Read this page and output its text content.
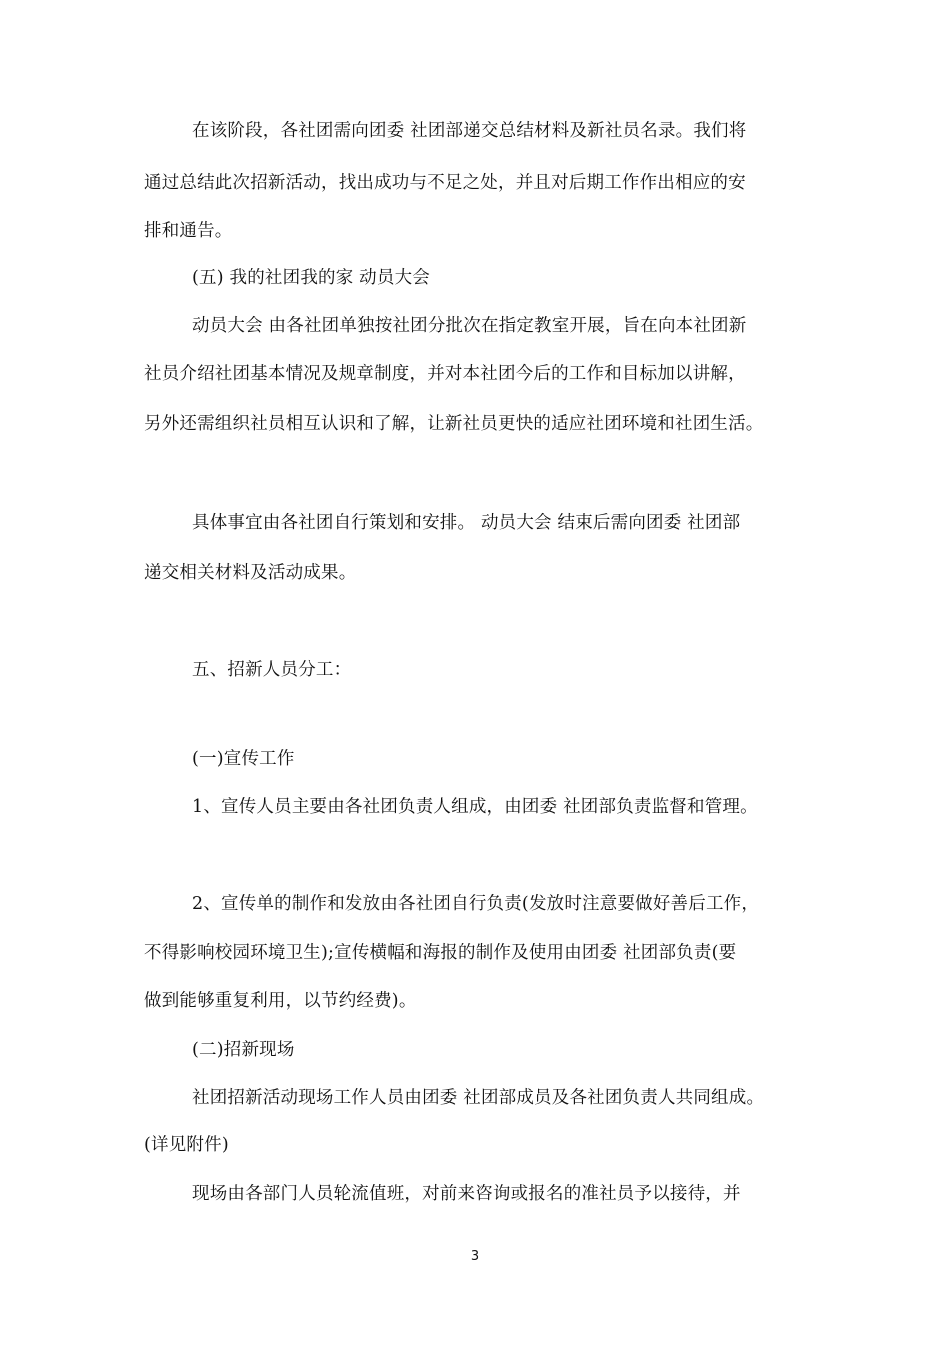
在该阶段，各社团需向团委 社团部递交总结材料及新社员名录。我们将
通过总结此次招新活动，找出成功与不足之处，并且对后期工作作出相应的安
排和通告。
(五) 我的社团我的家 动员大会
动员大会 由各社团单独按社团分批次在指定教室开展，旨在向本社团新
社员介绍社团基本情况及规章制度，并对本社团今后的工作和目标加以讲解，
另外还需组织社员相互认识和了解，让新社员更快的适应社团环境和社团生活。
具体事宜由各社团自行策划和安排。 动员大会 结束后需向团委 社团部
递交相关材料及活动成果。
五、招新人员分工：
(一)宣传工作
1、宣传人员主要由各社团负责人组成，由团委 社团部负责监督和管理。
2、宣传单的制作和发放由各社团自行负责(发放时注意要做好善后工作，
不得影响校园环境卫生);宣传横幅和海报的制作及使用由团委 社团部负责(要
做到能够重复利用，以节约经费)。
(二)招新现场
社团招新活动现场工作人员由团委 社团部成员及各社团负责人共同组成。
(详见附件)
现场由各部门人员轮流值班，对前来咨询或报名的准社员予以接待，并
3
